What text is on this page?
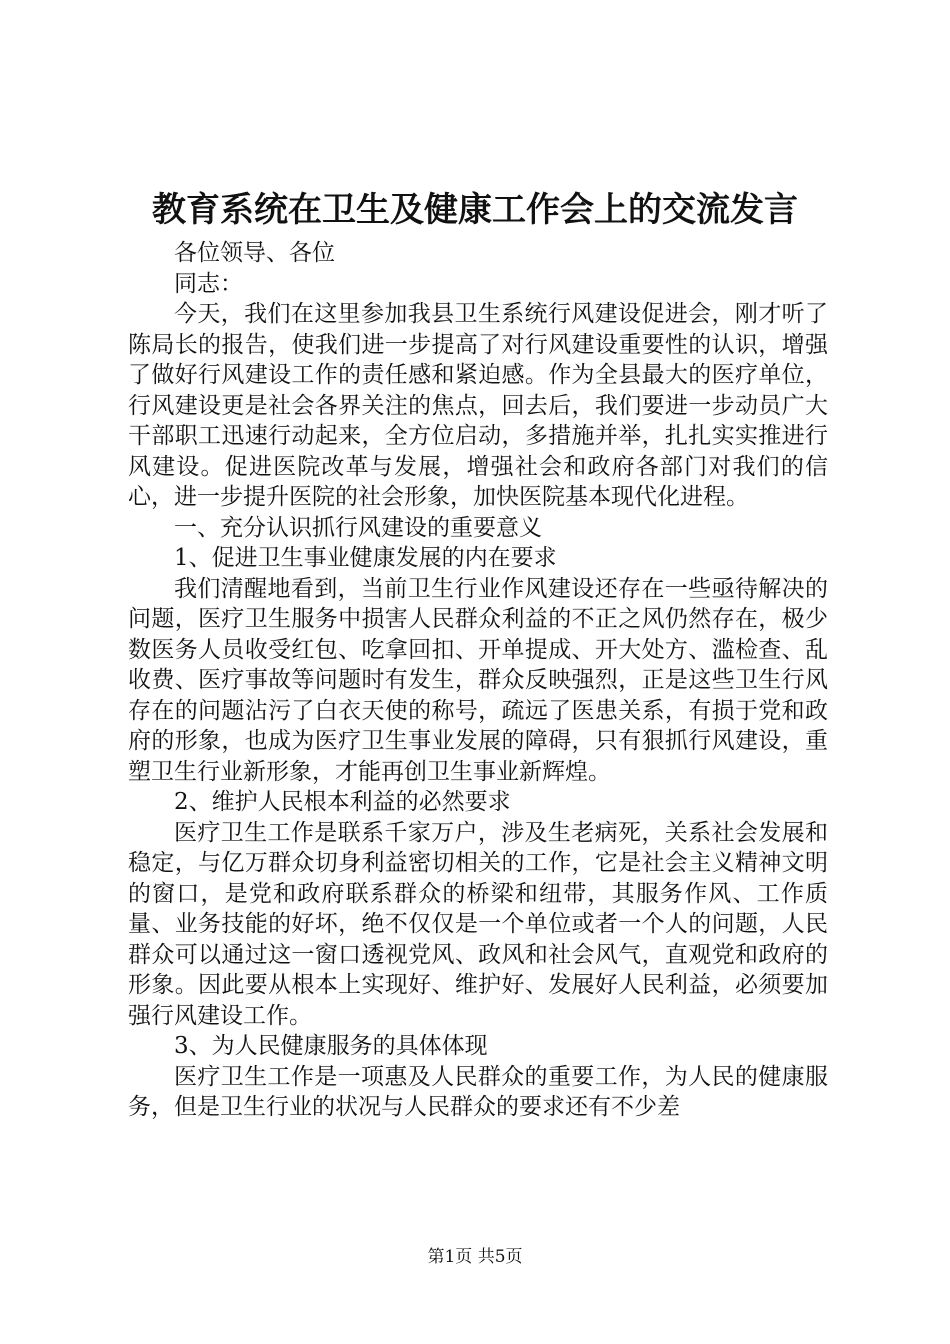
教育系统在卫生及健康工作会上的交流发言

各位领导、各位

同志：

今天，我们在这里参加我县卫生系统行风建设促进会，刚才听了陈局长的报告，使我们进一步提高了对行风建设重要性的认识，增强了做好行风建设工作的责任感和紧迫感。作为全县最大的医疗单位，行风建设更是社会各界关注的焦点，回去后，我们要进一步动员广大干部职工迅速行动起来，全方位启动，多措施并举，扎扎实实推进行风建设。促进医院改革与发展，增强社会和政府各部门对我们的信心，进一步提升医院的社会形象，加快医院基本现代化进程。

一、充分认识抓行风建设的重要意义

1、促进卫生事业健康发展的内在要求

我们清醒地看到，当前卫生行业作风建设还存在一些亟待解决的问题，医疗卫生服务中损害人民群众利益的不正之风仍然存在，极少数医务人员收受红包、吃拿回扣、开单提成、开大处方、滥检查、乱收费、医疗事故等问题时有发生，群众反映强烈，正是这些卫生行风存在的问题沾污了白衣天使的称号，疏远了医患关系，有损于党和政府的形象，也成为医疗卫生事业发展的障碍，只有狠抓行风建设，重塑卫生行业新形象，才能再创卫生事业新辉煌。

2、维护人民根本利益的必然要求

医疗卫生工作是联系千家万户，涉及生老病死，关系社会发展和稳定，与亿万群众切身利益密切相关的工作，它是社会主义精神文明的窗口，是党和政府联系群众的桥梁和纽带，其服务作风、工作质量、业务技能的好坏，绝不仅仅是一个单位或者一个人的问题，人民群众可以通过这一窗口透视党风、政风和社会风气，直观党和政府的形象。因此要从根本上实现好、维护好、发展好人民利益，必须要加强行风建设工作。

3、为人民健康服务的具体体现

医疗卫生工作是一项惠及人民群众的重要工作，为人民的健康服务，但是卫生行业的状况与人民群众的要求还有不少差

第1页 共5页
